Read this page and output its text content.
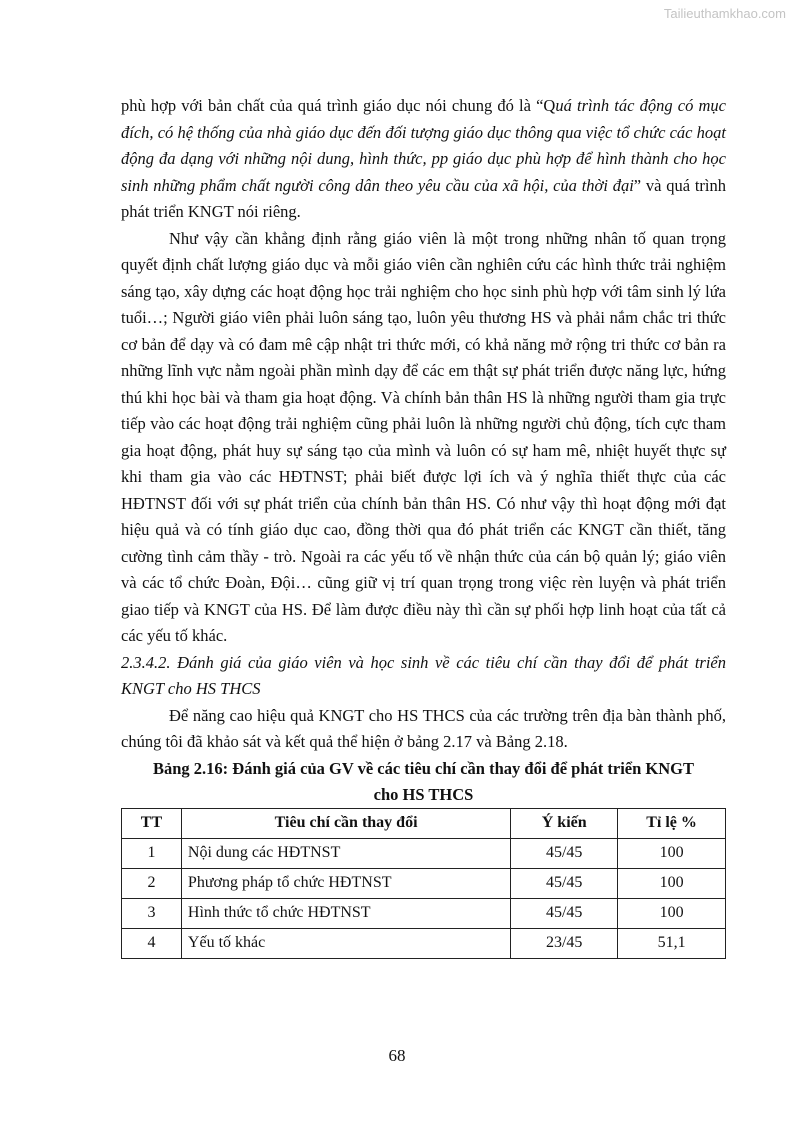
Tailieuthamkhao.com

phù hợp với bản chất của quá trình giáo dục nói chung đó là “Quá trình tác động có mục đích, có hệ thống của nhà giáo dục đến đối tượng giáo dục thông qua việc tổ chức các hoạt động đa dạng với những nội dung, hình thức, pp giáo dục phù hợp để hình thành cho học sinh những phẩm chất người công dân theo yêu cầu của xã hội, của thời đại” và quá trình phát triển KNGT nói riêng.

Như vậy cần khẳng định rằng giáo viên là một trong những nhân tố quan trọng quyết định chất lượng giáo dục và mỗi giáo viên cần nghiên cứu các hình thức trải nghiệm sáng tạo, xây dựng các hoạt động học trải nghiệm cho học sinh phù hợp với tâm sinh lý lứa tuổi…; Người giáo viên phải luôn sáng tạo, luôn yêu thương HS và phải nắm chắc tri thức cơ bản để dạy và có đam mê cập nhật tri thức mới, có khả năng mở rộng tri thức cơ bản ra những lĩnh vực nằm ngoài phần mình dạy để các em thật sự phát triển được năng lực, hứng thú khi học bài và tham gia hoạt động. Và chính bản thân HS là những người tham gia trực tiếp vào các hoạt động trải nghiệm cũng phải luôn là những người chủ động, tích cực tham gia hoạt động, phát huy sự sáng tạo của mình và luôn có sự ham mê, nhiệt huyết thực sự khi tham gia vào các HĐTNST; phải biết được lợi ích và ý nghĩa thiết thực của các HĐTNST đối với sự phát triển của chính bản thân HS. Có như vậy thì hoạt động mới đạt hiệu quả và có tính giáo dục cao, đồng thời qua đó phát triển các KNGT cần thiết, tăng cường tình cảm thầy - trò. Ngoài ra các yếu tố về nhận thức của cán bộ quản lý; giáo viên và các tổ chức Đoàn, Đội… cũng giữ vị trí quan trọng trong việc rèn luyện và phát triển giao tiếp và KNGT của HS. Để làm được điều này thì cần sự phối hợp linh hoạt của tất cả các yếu tố khác.

2.3.4.2. Đánh giá của giáo viên và học sinh về các tiêu chí cần thay đổi để phát triển KNGT cho HS THCS

Để năng cao hiệu quả KNGT cho HS THCS của các trường trên địa bàn thành phố, chúng tôi đã khảo sát và kết quả thể hiện ở bảng 2.17 và Bảng 2.18.

Bảng 2.16: Đánh giá của GV về các tiêu chí cần thay đổi để phát triển KNGT
cho HS THCS
TT	Tiêu chí cần thay đổi	Ý kiến	Tỉ lệ %
1	Nội dung các HĐTNST	45/45	100
2	Phương pháp tổ chức HĐTNST	45/45	100
3	Hình thức tổ chức HĐTNST	45/45	100
4	Yếu tố khác	23/45	51,1
68
